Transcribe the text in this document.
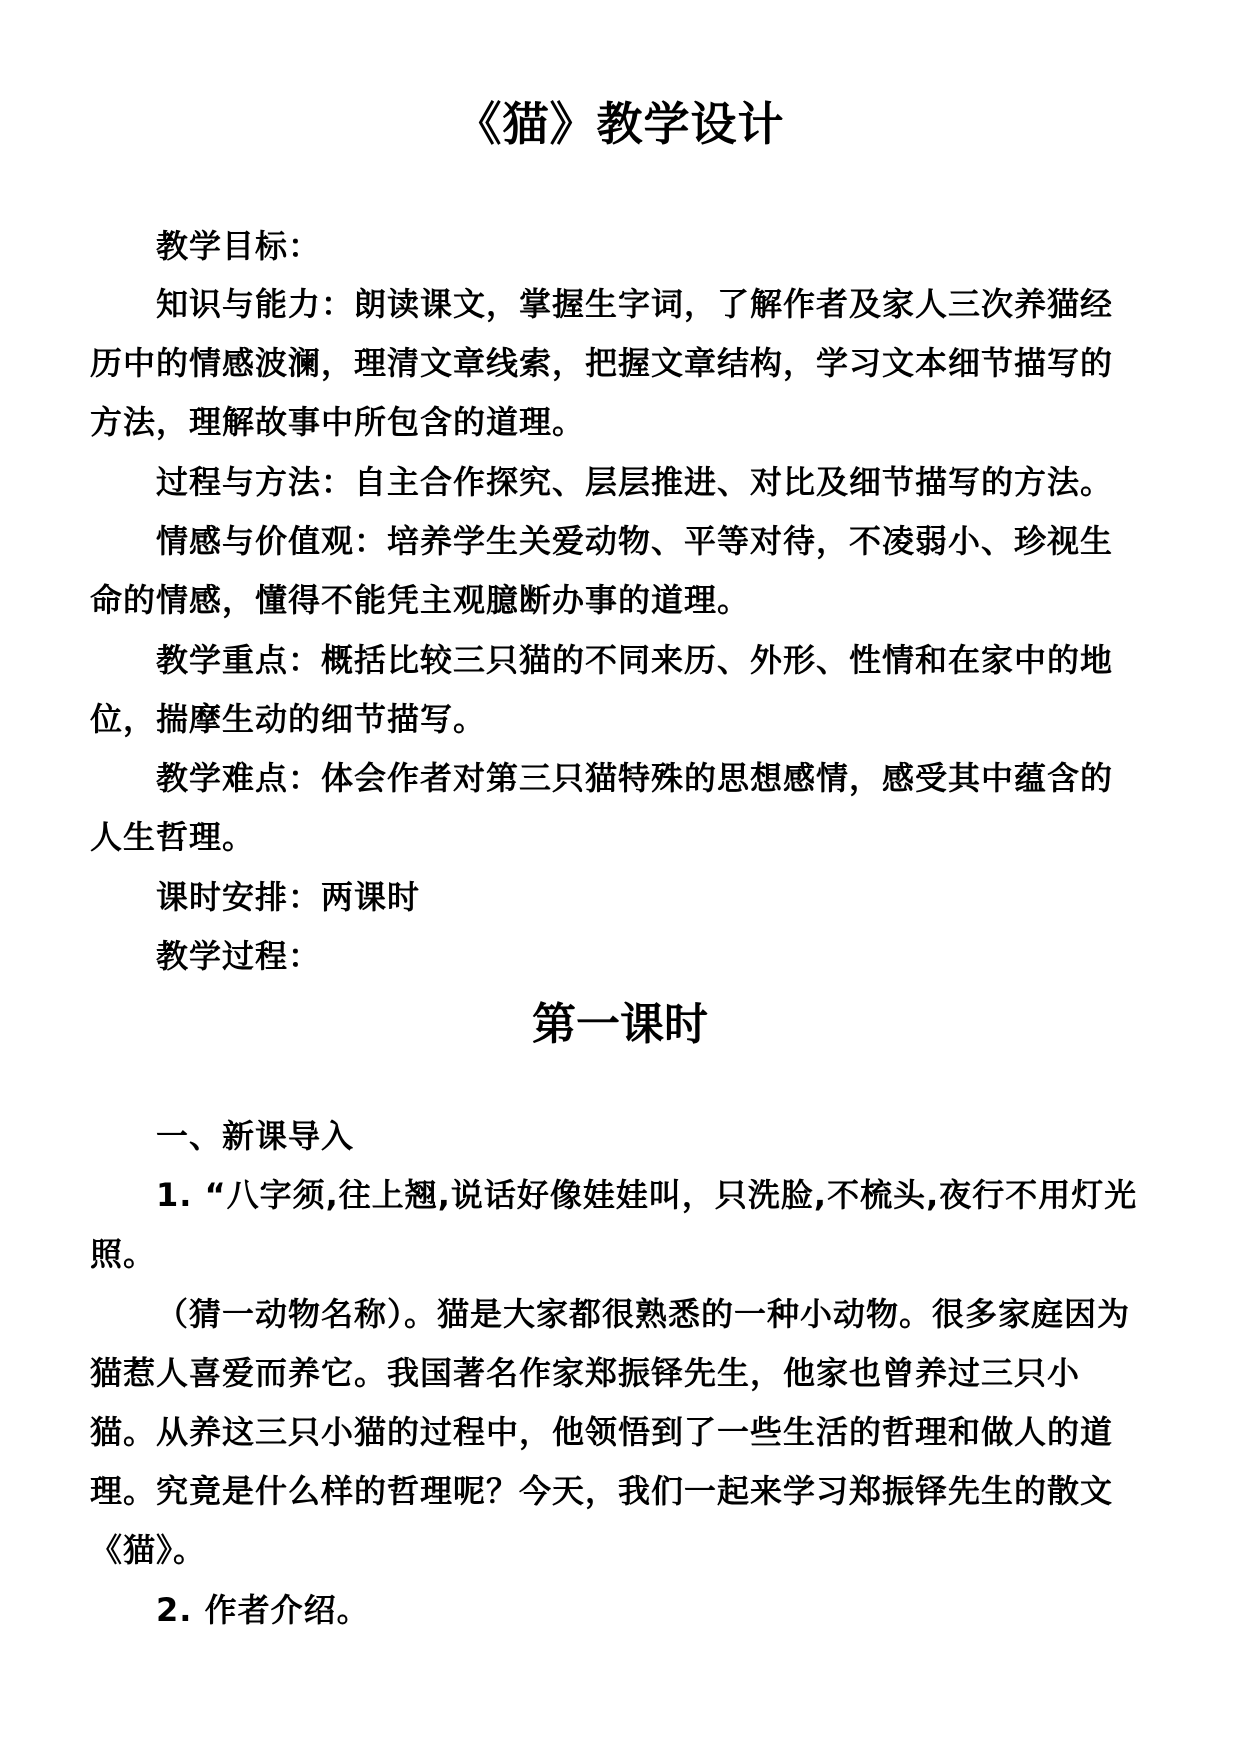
《猫》教学设计
教学目标：
知识与能力：朗读课文，掌握生字词，了解作者及家人三次养猫经
历中的情感波澜，理清文章线索，把握文章结构，学习文本细节描写的
方法，理解故事中所包含的道理。
过程与方法：自主合作探究、层层推进、对比及细节描写的方法。
情感与价值观：培养学生关爱动物、平等对待，不凌弱小、珍视生
命的情感，懂得不能凭主观臆断办事的道理。
教学重点：概括比较三只猫的不同来历、外形、性情和在家中的地
位，揣摩生动的细节描写。
教学难点：体会作者对第三只猫特殊的思想感情，感受其中蕴含的
人生哲理。
课时安排：两课时
教学过程：
第一课时
一、新课导入
1. “八字须,往上翘,说话好像娃娃叫，只洗脸,不梳头,夜行不用灯光
照。
（猜一动物名称）。猫是大家都很熟悉的一种小动物。很多家庭因为
猫惹人喜爱而养它。我国著名作家郑振铎先生，他家也曾养过三只小
猫。从养这三只小猫的过程中，他领悟到了一些生活的哲理和做人的道
理。究竟是什么样的哲理呢？今天，我们一起来学习郑振铎先生的散文
《猫》。
2. 作者介绍。
